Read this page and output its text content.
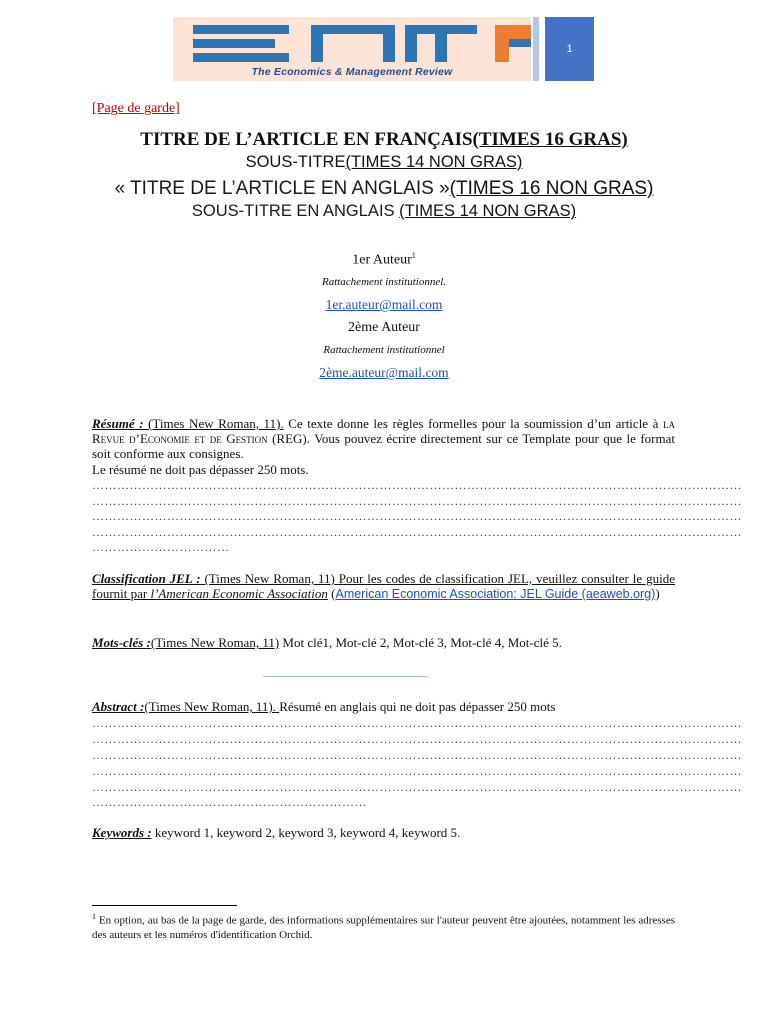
The Economics & Management Review
1
[Page de garde]
TITRE DE L’ARTICLE EN FRANÇAIS(TIMES 16 GRAS)
SOUS-TITRE(TIMES 14 NON GRAS)
« TITRE DE L’ARTICLE EN ANGLAIS »(TIMES 16 NON GRAS)
SOUS-TITRE EN ANGLAIS (TIMES 14 NON GRAS)
1er Auteur$^1$
Rattachement institutionnel.
1er.auteur@mail.com
2ème Auteur
Rattachement institutionnel
2ème.auteur@mail.com
Résumé : (Times New Roman, 11). Ce texte donne les règles formelles pour la soumission d’un article à la Revue d’Economie et de Gestion (REG). Vous pouvez écrire directement sur ce Template pour que le format soit conforme aux consignes.
Le résumé ne doit pas dépasser 250 mots.
…………………………………………………………………………………………………………………………………………
…………………………………………………………………………………………………………………………………………
…………………………………………………………………………………………………………………………………………
…………………………………………………………………………………………………………………………………………
……………………………
Classification JEL : (Times New Roman, 11) Pour les codes de classification JEL, veuillez consulter le guide fournit par l’American Economic Association (American Economic Association: JEL Guide (aeaweb.org))
Mots-clés :(Times New Roman, 11) Mot clé1, Mot-clé 2, Mot-clé 3, Mot-clé 4, Mot-clé 5.
Abstract :(Times New Roman, 11). Résumé en anglais qui ne doit pas dépasser 250 mots
…………………………………………………………………………………………………………………………………………
…………………………………………………………………………………………………………………………………………
…………………………………………………………………………………………………………………………………………
…………………………………………………………………………………………………………………………………………
…………………………………………………………………………………………………………………………………………
…………………………………………………………
Keywords : keyword 1, keyword 2, keyword 3, keyword 4, keyword 5.
$^1$ En option, au bas de la page de garde, des informations supplémentaires sur l'auteur peuvent être ajoutées, notamment les adresses des auteurs et les numéros d'identification Orchid.
